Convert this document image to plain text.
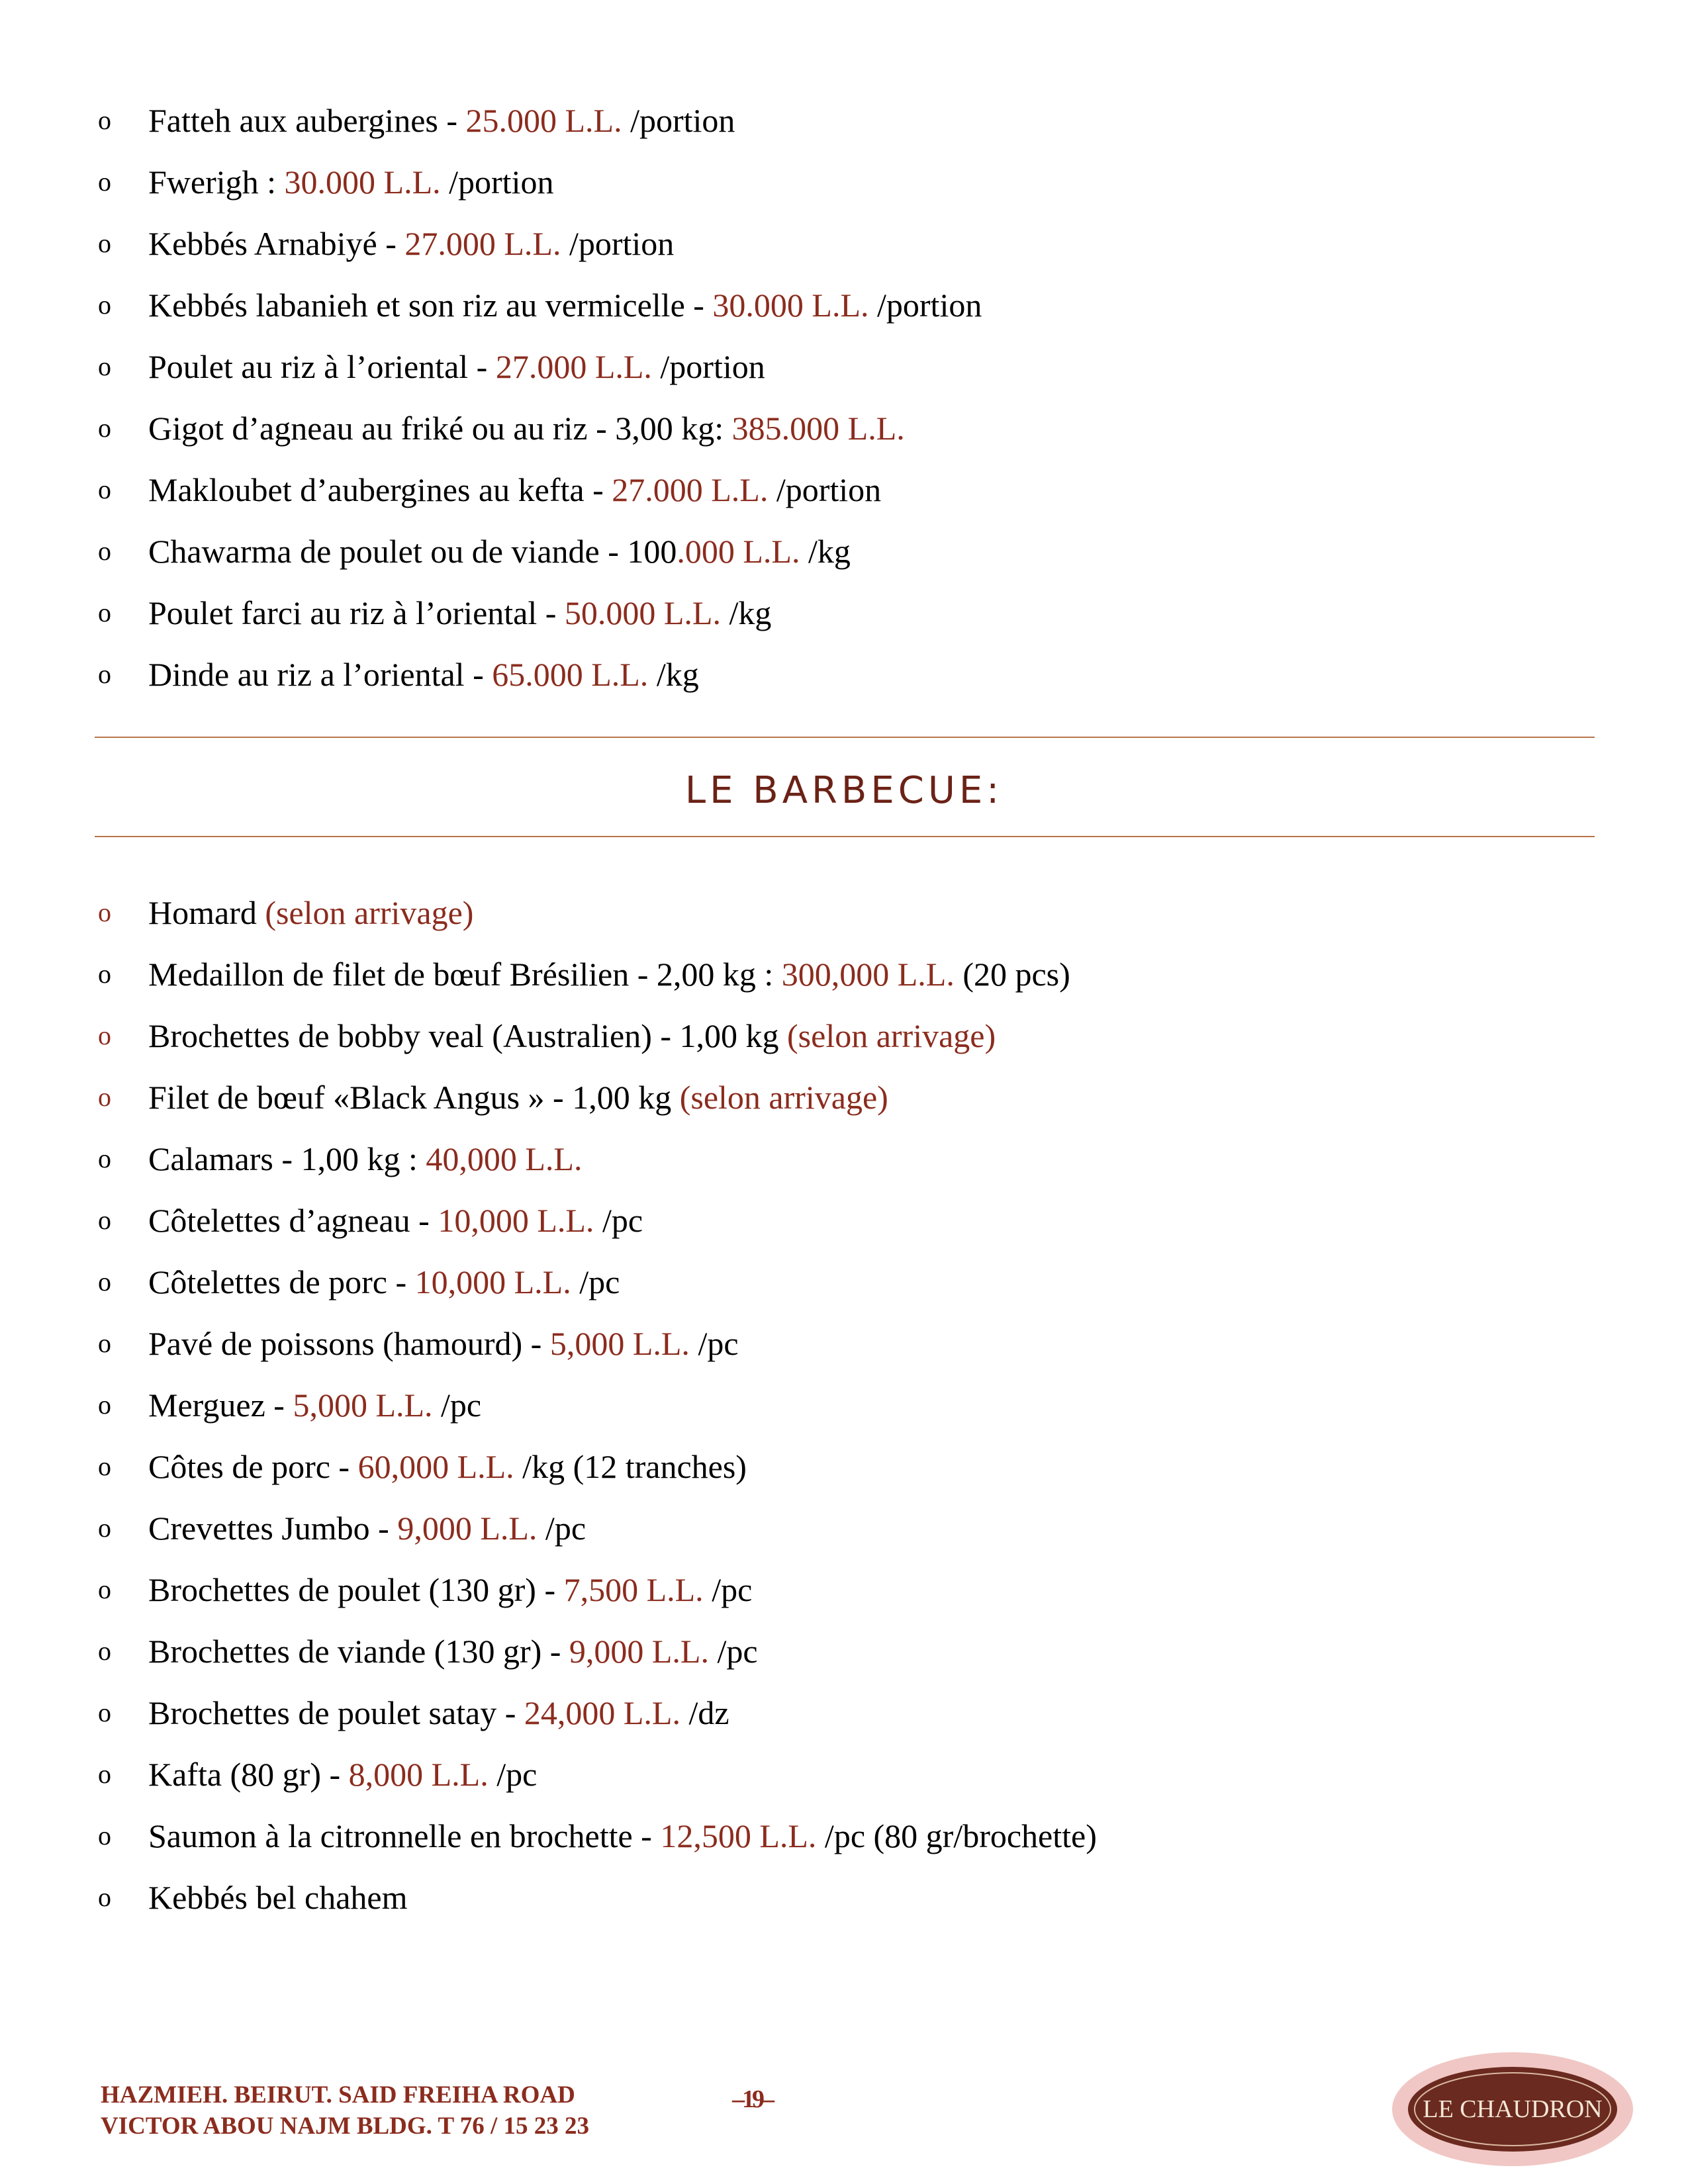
o Fatteh aux aubergines - 25.000 L.L. /portion
o Fwerigh : 30.000 L.L. /portion
o Kebbés Arnabiyé - 27.000 L.L. /portion
o Kebbés labanieh et son riz au vermicelle - 30.000 L.L. /portion
o Poulet au riz à l’oriental - 27.000 L.L. /portion
o Gigot d’agneau au friké ou au riz - 3,00 kg: 385.000 L.L.
o Makloubet d’aubergines au kefta - 27.000 L.L. /portion
o Chawarma de poulet ou de viande - 100.000 L.L. /kg
o Poulet farci au riz à l’oriental - 50.000 L.L. /kg
o Dinde au riz a l’oriental - 65.000 L.L. /kg
LE BARBECUE:
o Homard (selon arrivage)
o Medaillon de filet de bœuf Brésilien - 2,00 kg : 300,000 L.L. (20 pcs)
o Brochettes de bobby veal (Australien) - 1,00 kg (selon arrivage)
o Filet de bœuf «Black Angus » - 1,00 kg (selon arrivage)
o Calamars - 1,00 kg : 40,000 L.L.
o Côtelettes d’agneau - 10,000 L.L. /pc
o Côtelettes de porc - 10,000 L.L. /pc
o Pavé de poissons (hamourd) - 5,000 L.L. /pc
o Merguez - 5,000 L.L. /pc
o Côtes de porc - 60,000 L.L. /kg (12 tranches)
o Crevettes Jumbo - 9,000 L.L. /pc
o Brochettes de poulet (130 gr) - 7,500 L.L. /pc
o Brochettes de viande (130 gr) - 9,000 L.L. /pc
o Brochettes de poulet satay - 24,000 L.L. /dz
o Kafta (80 gr) - 8,000 L.L. /pc
o Saumon à la citronnelle en brochette - 12,500 L.L. /pc (80 gr/brochette)
o Kebbés bel chahem
HAZMIEH. BEIRUT. SAID FREIHA ROAD
VICTOR ABOU NAJM BLDG. T 76 / 15 23 23
–19–	LE CHAUDRON
